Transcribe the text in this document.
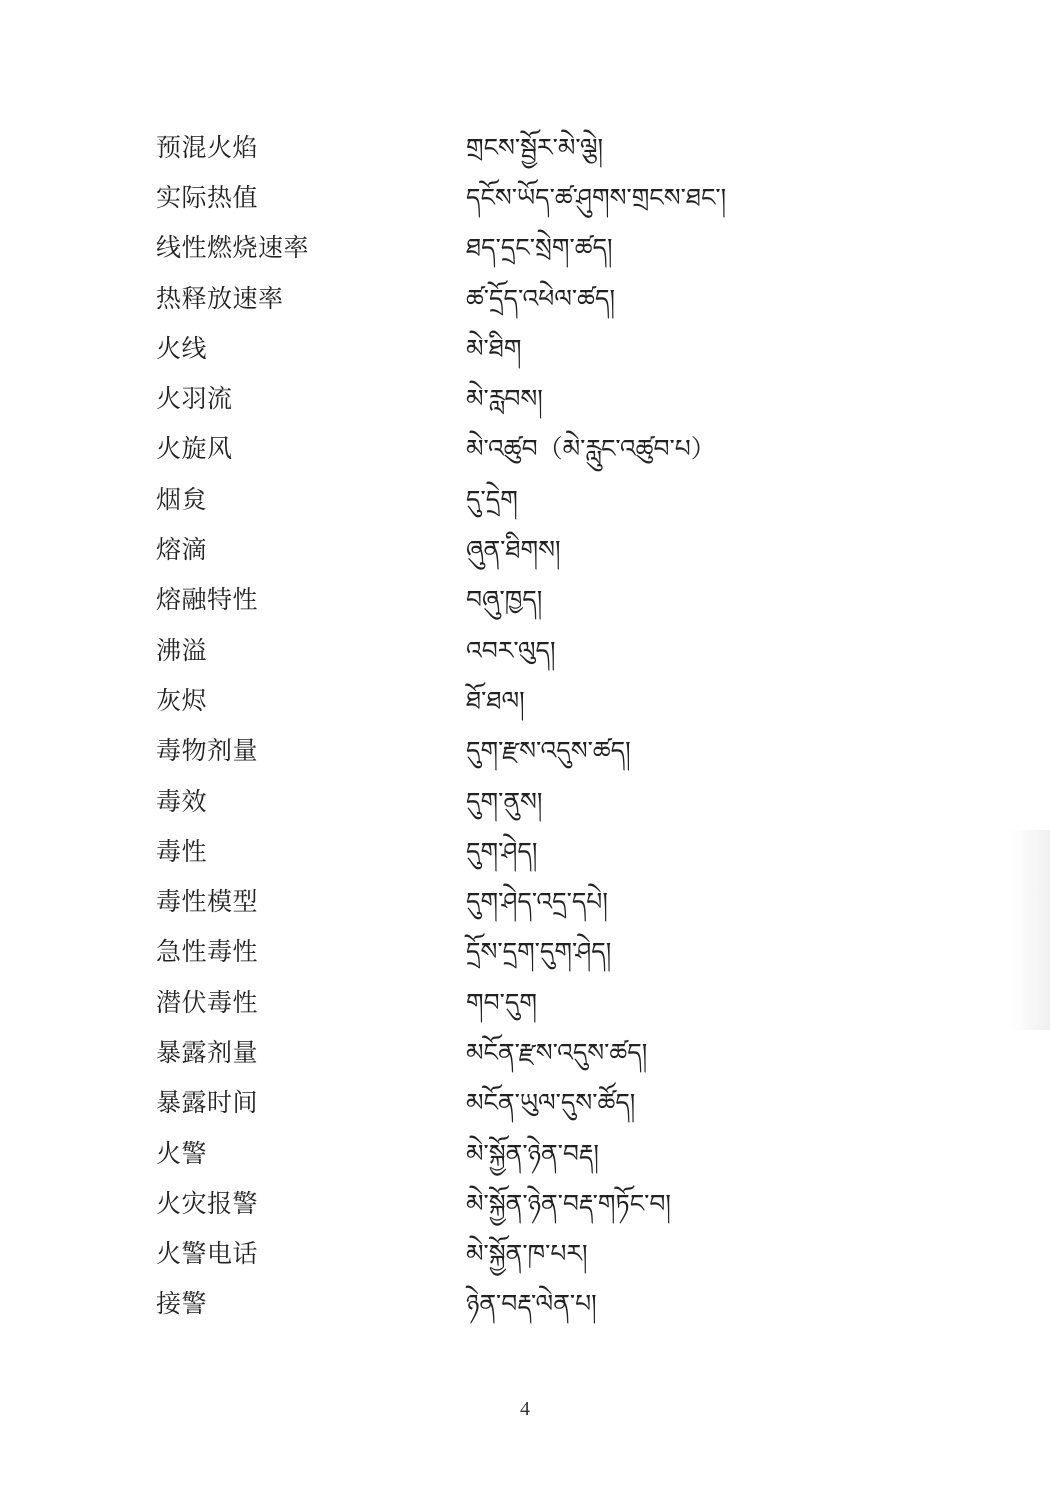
预混火焰	གྲངས་སྦྱོར་མེ་ལྕེ།
实际热值	དངོས་ཡོད་ཚ་ཤུགས་གྲངས་ཐང་།
线性燃烧速率	ཐད་དྲང་སྲེག་ཚད།
热释放速率	ཚ་དྲོད་འཕེལ་ཚད།
火线	མེ་ཐིག
火羽流	མེ་རླབས།
火旋风	མེ་འཚུབ（མེ་རླུང་འཚུབ་པ）
烟炱	དུ་དྲེག
熔滴	ཞུན་ཐིགས།
熔融特性	བཞུ་ཁྱད།
沸溢	འབར་ལུད།
灰烬	ཐོ་ཐལ།
毒物剂量	དུག་རྫས་འདུས་ཚད།
毒效	དུག་ནུས།
毒性	དུག་ཤེད།
毒性模型	དུག་ཤེད་འདྲ་དཔེ།
急性毒性	དྲོས་དྲག་དུག་ཤེད།
潜伏毒性	གབ་དུག
暴露剂量	མངོན་རྫས་འདུས་ཚད།
暴露时间	མངོན་ཡུལ་དུས་ཚོད།
火警	མེ་སྐྱོན་ཉེན་བརྡ།
火灾报警	མེ་སྐྱོན་ཉེན་བརྡ་གཏོང་བ།
火警电话	མེ་སྐྱོན་ཁ་པར།
接警	ཉེན་བརྡ་ལེན་པ།
4
